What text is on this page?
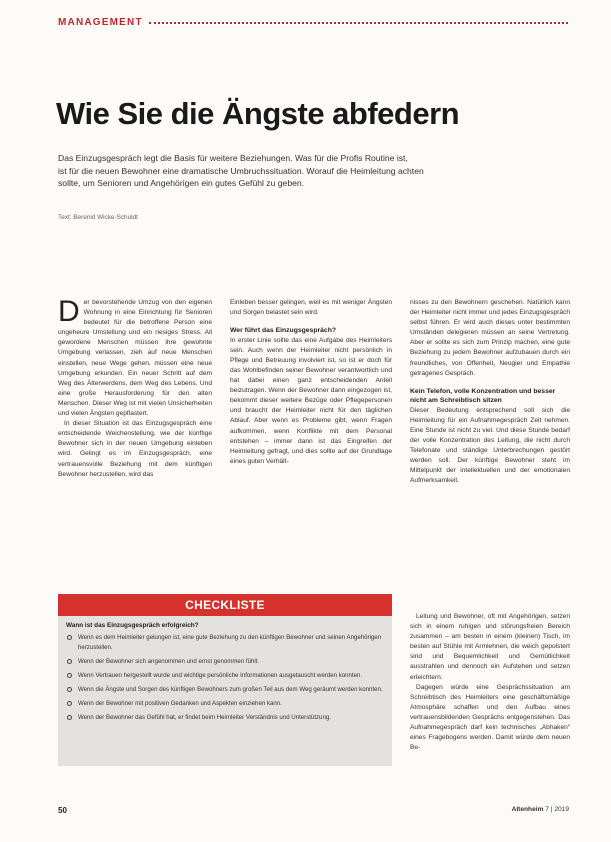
MANAGEMENT
Wie Sie die Ängste abfedern

Das Einzugsgespräch legt die Basis für weitere Beziehungen. Was für die Profis Routine ist,
ist für die neuen Bewohner eine dramatische Umbruchssituation. Worauf die Heimleitung achten
sollte, um Senioren und Angehörigen ein gutes Gefühl zu geben.

Text: Berenid Wicke-Schuldt

Der bevorstehende Umzug von den eigenen Wohnung in eine Einrichtung für Senioren bedeutet für die betroffene Person eine ungeheure Umstellung und ein riesiges Stress. All gewordene Menschen müssen ihre gewohnte Umgebung verlassen, zieh auf neue Menschen einstellen, neue Wege gehen, müssen eine neue Umgebung erkunden. Ein neuer Schritt auf dem Weg des Älterwerdens, dem Weg des Lebens. Und eine große Herausforderung für den alten Menschen. Dieser Weg ist mit vielen Unsicherheiten und vielen Ängsten gepflastert.

In dieser Situation ist das Einzugsgespräch eine entscheidende Weichenstellung, wie der künftige Bewohner sich in der neuen Umgebung einleben wird. Gelingt es im Einzugsgespräch, eine vertrauensvolle Beziehung mit dem künftigen Bewohner herzustellen, wird das

Einleben besser gelingen, weil es mit weniger Ängsten und Sorgen belastet sein wird.

Wer führt das Einzugsgespräch?

In erster Linie sollte das eine Aufgabe des Heimleiters sein. Auch wenn der Heimleiter nicht persönlich in Pflege und Betreuung involviert ist, so ist er doch für das Wohlbefinden seiner Bewohner verantwortlich und hat dabei einen ganz entscheidenden Anteil beizutragen. Wenn der Bewohner dann eingezogen ist, bekommt dieser weitere Bezüge oder Pflegepersonen und braucht der Heimleiter nicht für den täglichen Ablauf. Aber wenn es Probleme gibt, wenn Fragen aufkommen, wenn Konflikte mit dem Personal entstehen – immer dann ist das Eingreifen der Heimleitung gefragt, und dies sollte auf der Grundlage eines guten Verhält-

nisses zu den Bewohnern geschehen. Natürlich kann der Heimleiter nicht immer und jedes Einzugsgespräch selbst führen. Er wird auch dieses unter bestimmten Umständen delegieren müssen an seine Vertretung. Aber er sollte es sich zum Prinzip machen, eine gute Beziehung zu jedem Bewohner aufzubauen durch ein freundliches, von Offenheit, Neugier und Empathie getragenes Gespräch.

Kein Telefon, volle Konzentration und besser nicht am Schreibtisch sitzen

Dieser Bedeutung entsprechend soll sich die Heimleitung für ein Aufnahmegespräch Zeit nehmen. Eine Stunde ist nicht zu viel. Und diese Stunde bedarf der volle Konzentration des Leitung, die nicht durch Telefonate und ständige Unterbrechungen gestört werden soll. Der künftige Bewohner steht im Mittelpunkt der intellektuellen und der emotionalen Aufmerksamkeit.

Leitung und Bewohner, oft mit Angehörigen, setzen sich in einem ruhigen und störungsfreien Bereich zusammen – am besten in einem (kleinen) Tisch, im besten auf Stühle mit Armlehnen, die weich gepolstert sind und Bequemlichkeit und Gemütlichkeit ausstrahlen und dennoch ein Aufstehen und setzen erleichtern.

Dagegen würde eine Gesprächssituation am Schreibtisch des Heimleiters eine geschäftsmäßige Atmosphäre schaffen und den Aufbau eines vertrauensbildenden Gesprächs entgegenstehen. Das Aufnahmegespräch darf kein technisches „Abhaken“ eines Fragebogens werden. Damit würde dem neuen Be-

CHECKLISTE
Wann ist das Einzugsgespräch erfolgreich?
Wenn es dem Heimleiter gelungen ist, eine gute Beziehung zu den künftigen Bewohner und seinen Angehörigen herzustellen.
Wenn der Bewohner sich angenommen und ernst genommen fühlt.
Wenn Vertrauen hergestellt wurde und wichtige persönliche Informationen ausgetauscht werden konnten.
Wenn die Ängste und Sorgen des künftigen Bewohners zum großen Teil aus dem Weg geräumt werden konnten.
Wenn der Bewohner mit positiven Gedanken und Aspekten einziehen kann.
Wenn der Bewohner das Gefühl hat, er findet beim Heimleiter Verständnis und Unterstützung.
50	Altenheim 7 | 2019
